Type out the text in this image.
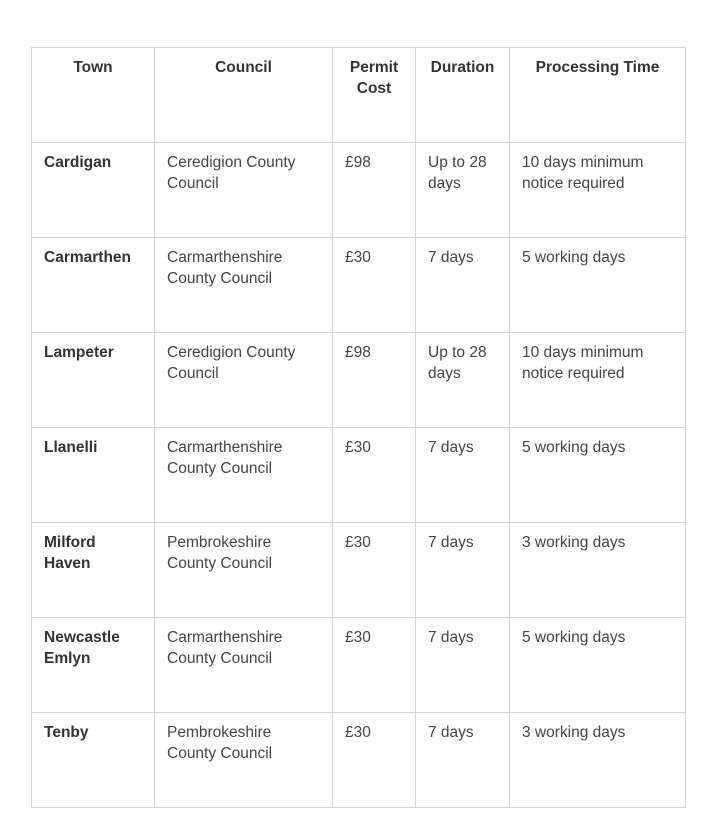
Town	Council	Permit Cost	Duration	Processing Time
Cardigan	Ceredigion County Council	£98	Up to 28 days	10 days minimum notice required
Carmarthen	Carmarthenshire County Council	£30	7 days	5 working days
Lampeter	Ceredigion County Council	£98	Up to 28 days	10 days minimum notice required
Llanelli	Carmarthenshire County Council	£30	7 days	5 working days
Milford Haven	Pembrokeshire County Council	£30	7 days	3 working days
Newcastle Emlyn	Carmarthenshire County Council	£30	7 days	5 working days
Tenby	Pembrokeshire County Council	£30	7 days	3 working days
